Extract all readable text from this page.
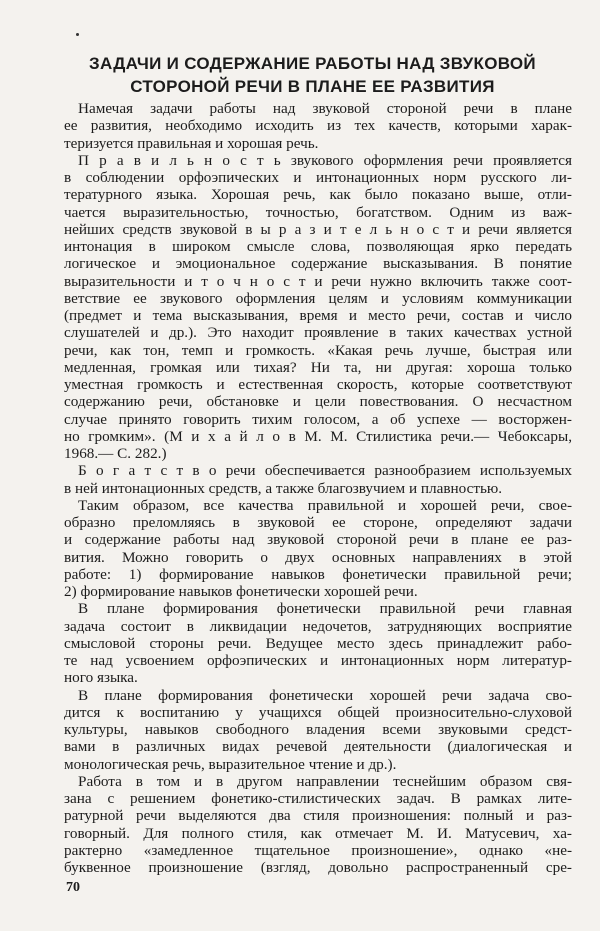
ЗАДАЧИ И СОДЕРЖАНИЕ РАБОТЫ НАД ЗВУКОВОЙ
СТОРОНОЙ РЕЧИ В ПЛАНЕ ЕЕ РАЗВИТИЯ
Намечая задачи работы над звуковой стороной речи в плане
ее развития, необходимо исходить из тех качеств, которыми харак-
теризуется правильная и хорошая речь.
П р а в и л ь н о с т ь звукового оформления речи проявляется
в соблюдении орфоэпических и интонационных норм русского ли-
тературного языка. Хорошая речь, как было показано выше, отли-
чается выразительностью, точностью, богатством. Одним из важ-
нейших средств звуковой в ы р а з и т е л ь н о с т и речи является
интонация в широком смысле слова, позволяющая ярко передать
логическое и эмоциональное содержание высказывания. В понятие
выразительности и т о ч н о с т и речи нужно включить также соот-
ветствие ее звукового оформления целям и условиям коммуникации
(предмет и тема высказывания, время и место речи, состав и число
слушателей и др.). Это находит проявление в таких качествах устной
речи, как тон, темп и громкость. «Какая речь лучше, быстрая или
медленная, громкая или тихая? Ни та, ни другая: хороша только
уместная громкость и естественная скорость, которые соответствуют
содержанию речи, обстановке и цели повествования. О несчастном
случае принято говорить тихим голосом, а об успехе — восторжен-
но громким». (М и х а й л о в М. М. Стилистика речи.— Чебоксары,
1968.— С. 282.)
Б о г а т с т в о речи обеспечивается разнообразием используемых
в ней интонационных средств, а также благозвучием и плавностью.
Таким образом, все качества правильной и хорошей речи, свое-
образно преломляясь в звуковой ее стороне, определяют задачи
и содержание работы над звуковой стороной речи в плане ее раз-
вития. Можно говорить о двух основных направлениях в этой
работе: 1) формирование навыков фонетически правильной речи;
2) формирование навыков фонетически хорошей речи.
В плане формирования фонетически правильной речи главная
задача состоит в ликвидации недочетов, затрудняющих восприятие
смысловой стороны речи. Ведущее место здесь принадлежит рабо-
те над усвоением орфоэпических и интонационных норм литератур-
ного языка.
В плане формирования фонетически хорошей речи задача сво-
дится к воспитанию у учащихся общей произносительно-слуховой
культуры, навыков свободного владения всеми звуковыми средст-
вами в различных видах речевой деятельности (диалогическая и
монологическая речь, выразительное чтение и др.).
Работа в том и в другом направлении теснейшим образом свя-
зана с решением фонетико-стилистических задач. В рамках лите-
ратурной речи выделяются два стиля произношения: полный и раз-
говорный. Для полного стиля, как отмечает М. И. Матусевич, ха-
рактерно «замедленное тщательное произношение», однако «не-
буквенное произношение (взгляд, довольно распространенный сре-
70
